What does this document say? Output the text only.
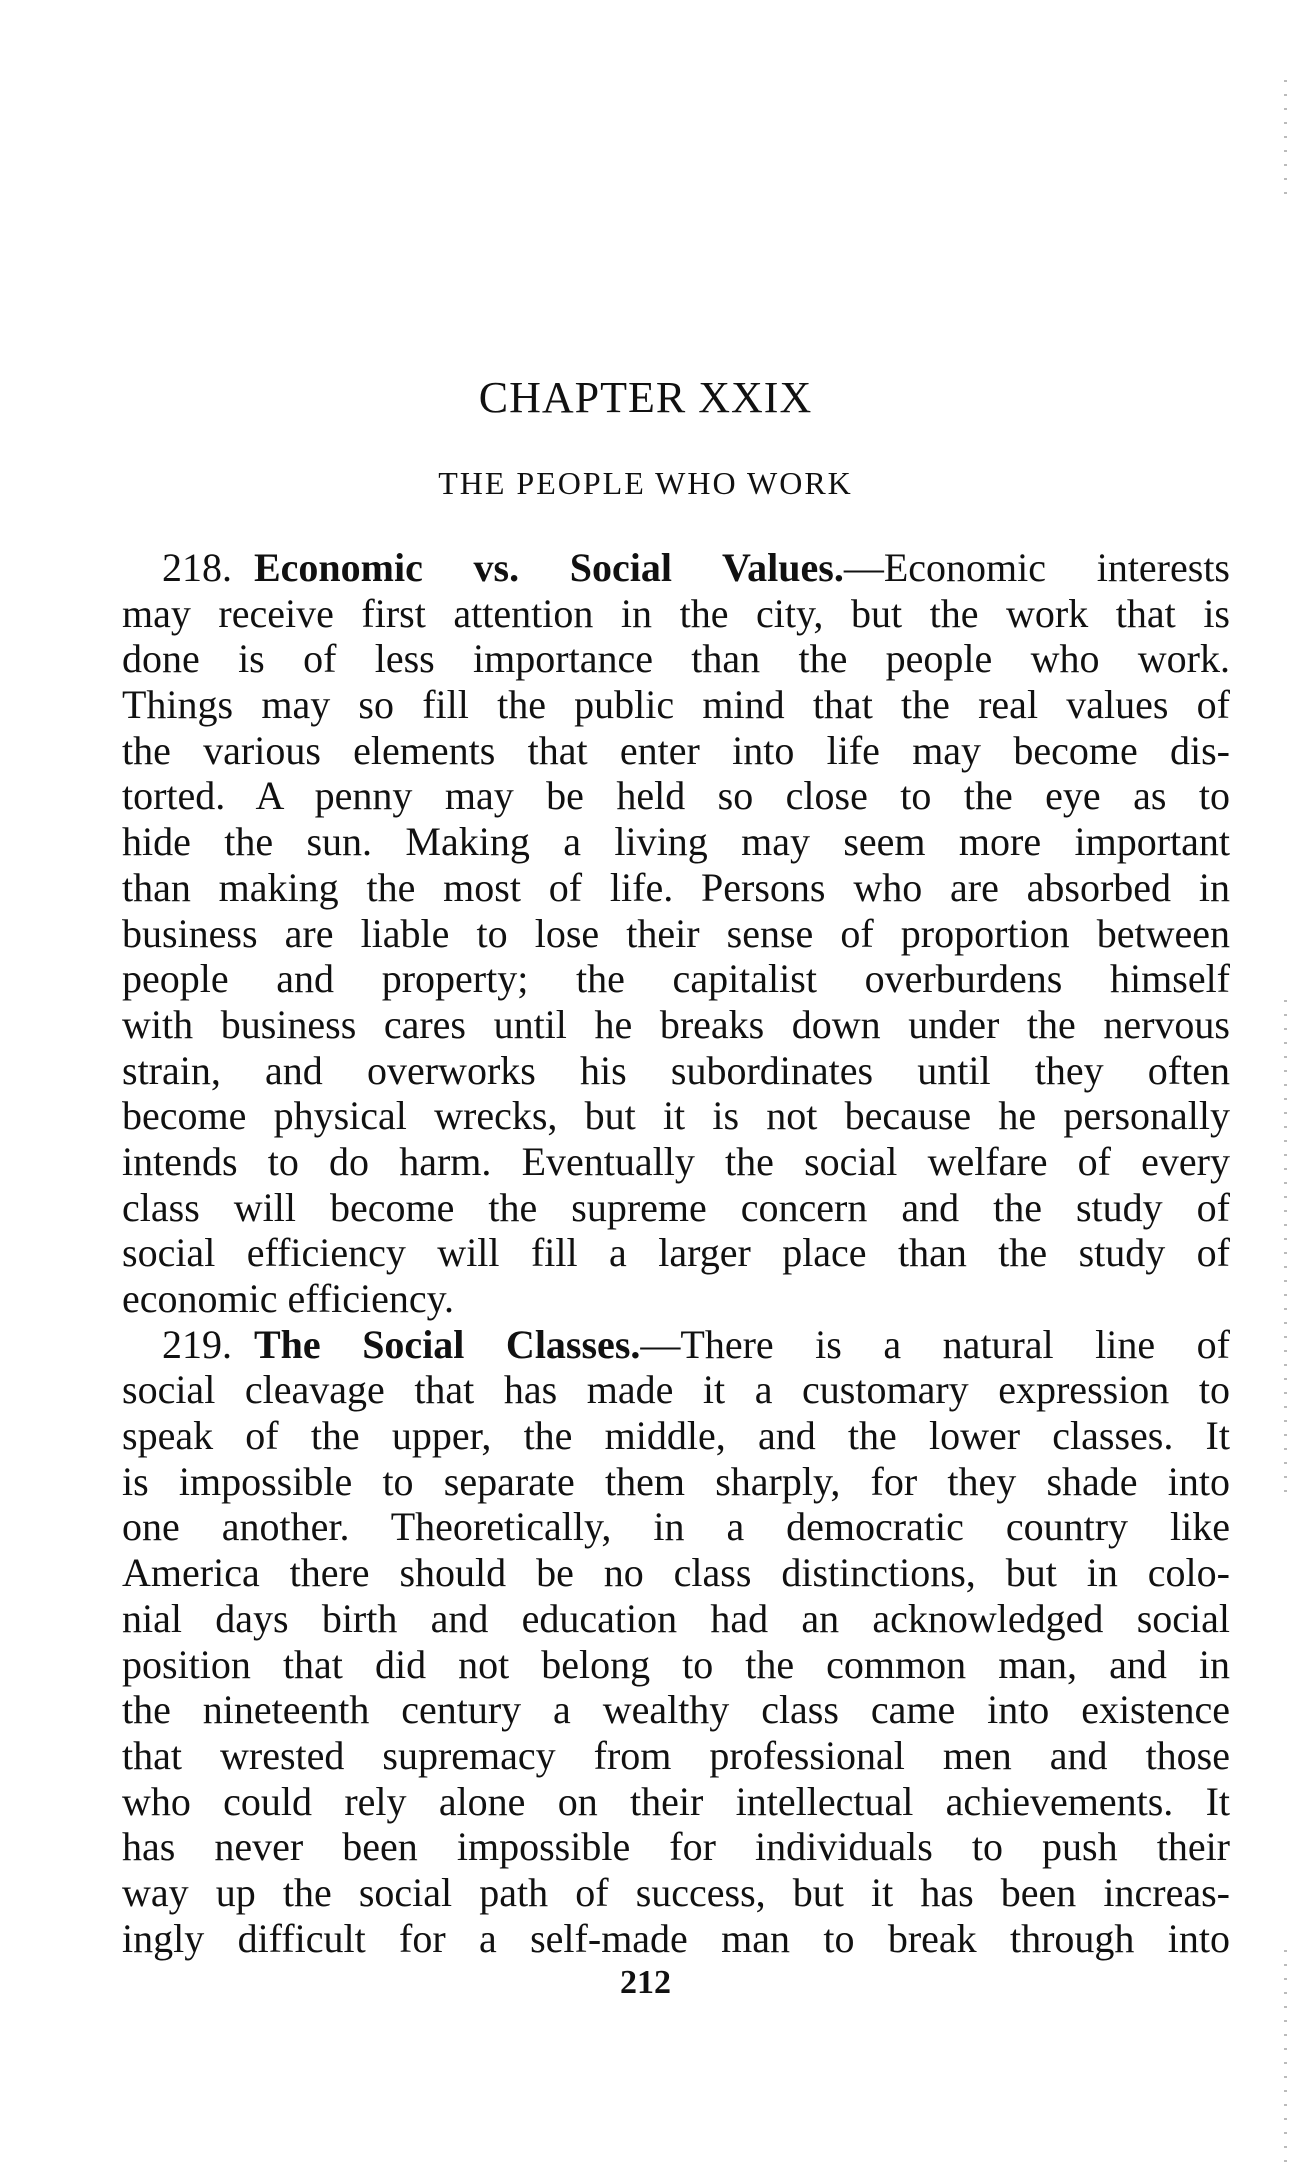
CHAPTER XXIX
THE PEOPLE WHO WORK
218. Economic vs. Social Values.—Economic interests
may receive first attention in the city, but the work that is
done is of less importance than the people who work.
Things may so fill the public mind that the real values of
the various elements that enter into life may become dis-
torted. A penny may be held so close to the eye as to
hide the sun. Making a living may seem more important
than making the most of life. Persons who are absorbed in
business are liable to lose their sense of proportion between
people and property; the capitalist overburdens himself
with business cares until he breaks down under the nervous
strain, and overworks his subordinates until they often
become physical wrecks, but it is not because he personally
intends to do harm. Eventually the social welfare of every
class will become the supreme concern and the study of
social efficiency will fill a larger place than the study of
economic efficiency.
219. The Social Classes.—There is a natural line of
social cleavage that has made it a customary expression to
speak of the upper, the middle, and the lower classes. It
is impossible to separate them sharply, for they shade into
one another. Theoretically, in a democratic country like
America there should be no class distinctions, but in colo-
nial days birth and education had an acknowledged social
position that did not belong to the common man, and in
the nineteenth century a wealthy class came into existence
that wrested supremacy from professional men and those
who could rely alone on their intellectual achievements. It
has never been impossible for individuals to push their
way up the social path of success, but it has been increas-
ingly difficult for a self-made man to break through into
212
